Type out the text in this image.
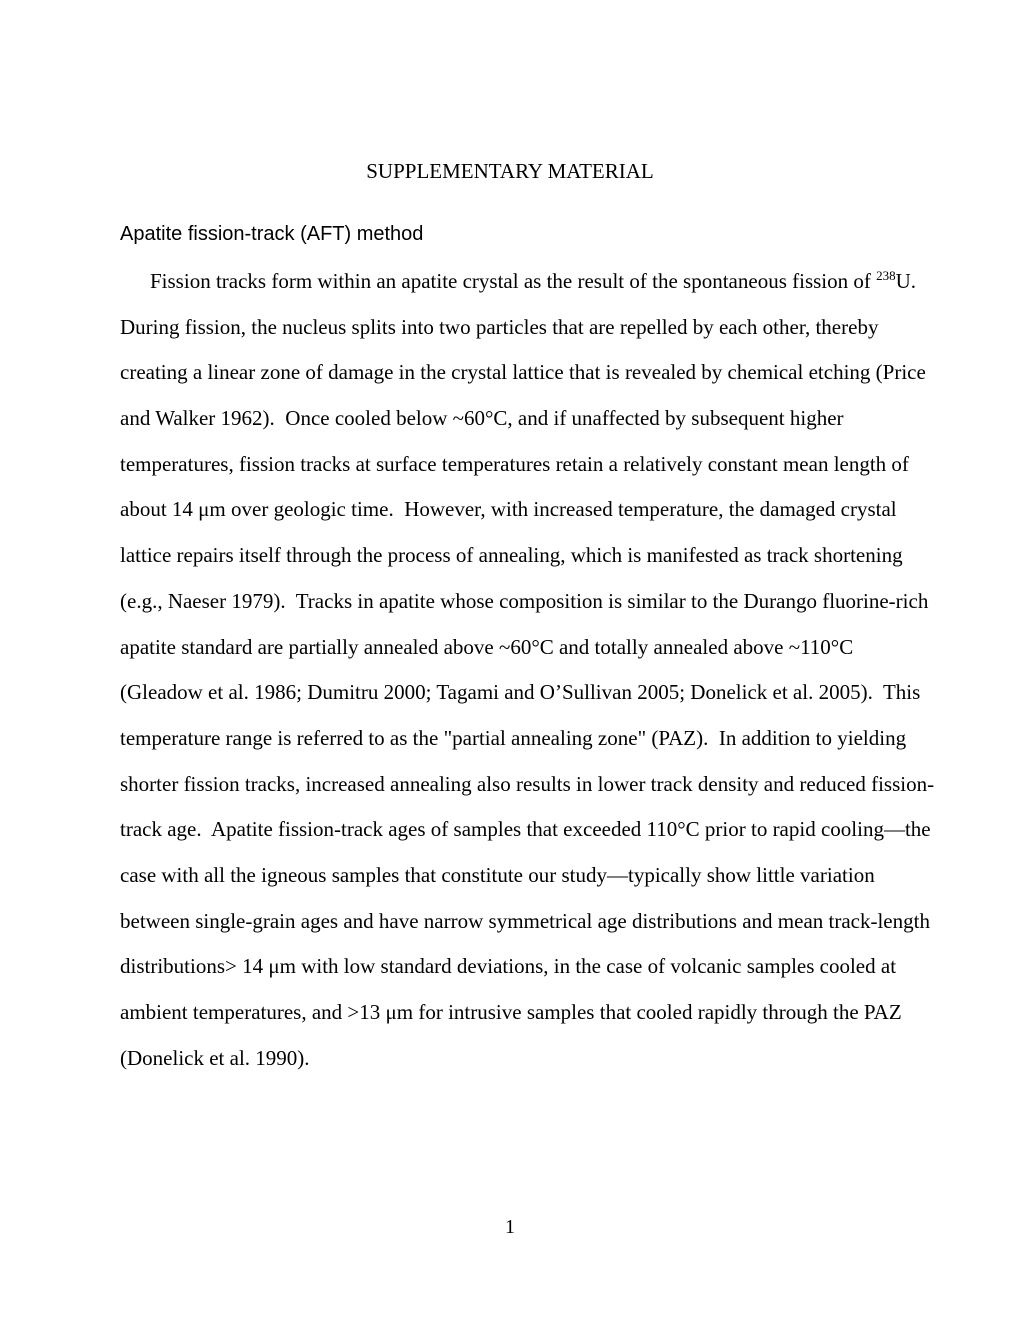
SUPPLEMENTARY MATERIAL
Apatite fission-track (AFT) method
Fission tracks form within an apatite crystal as the result of the spontaneous fission of $^{238}$U.
During fission, the nucleus splits into two particles that are repelled by each other, thereby
creating a linear zone of damage in the crystal lattice that is revealed by chemical etching (Price
and Walker 1962).  Once cooled below ~60°C, and if unaffected by subsequent higher
temperatures, fission tracks at surface temperatures retain a relatively constant mean length of
about 14 μm over geologic time.  However, with increased temperature, the damaged crystal
lattice repairs itself through the process of annealing, which is manifested as track shortening
(e.g., Naeser 1979).  Tracks in apatite whose composition is similar to the Durango fluorine-rich
apatite standard are partially annealed above ~60°C and totally annealed above ~110°C
(Gleadow et al. 1986; Dumitru 2000; Tagami and O’Sullivan 2005; Donelick et al. 2005).  This
temperature range is referred to as the "partial annealing zone" (PAZ).  In addition to yielding
shorter fission tracks, increased annealing also results in lower track density and reduced fission-
track age.  Apatite fission-track ages of samples that exceeded 110°C prior to rapid cooling—the
case with all the igneous samples that constitute our study—typically show little variation
between single-grain ages and have narrow symmetrical age distributions and mean track-length
distributions> 14 μm with low standard deviations, in the case of volcanic samples cooled at
ambient temperatures, and >13 μm for intrusive samples that cooled rapidly through the PAZ
(Donelick et al. 1990).
1
